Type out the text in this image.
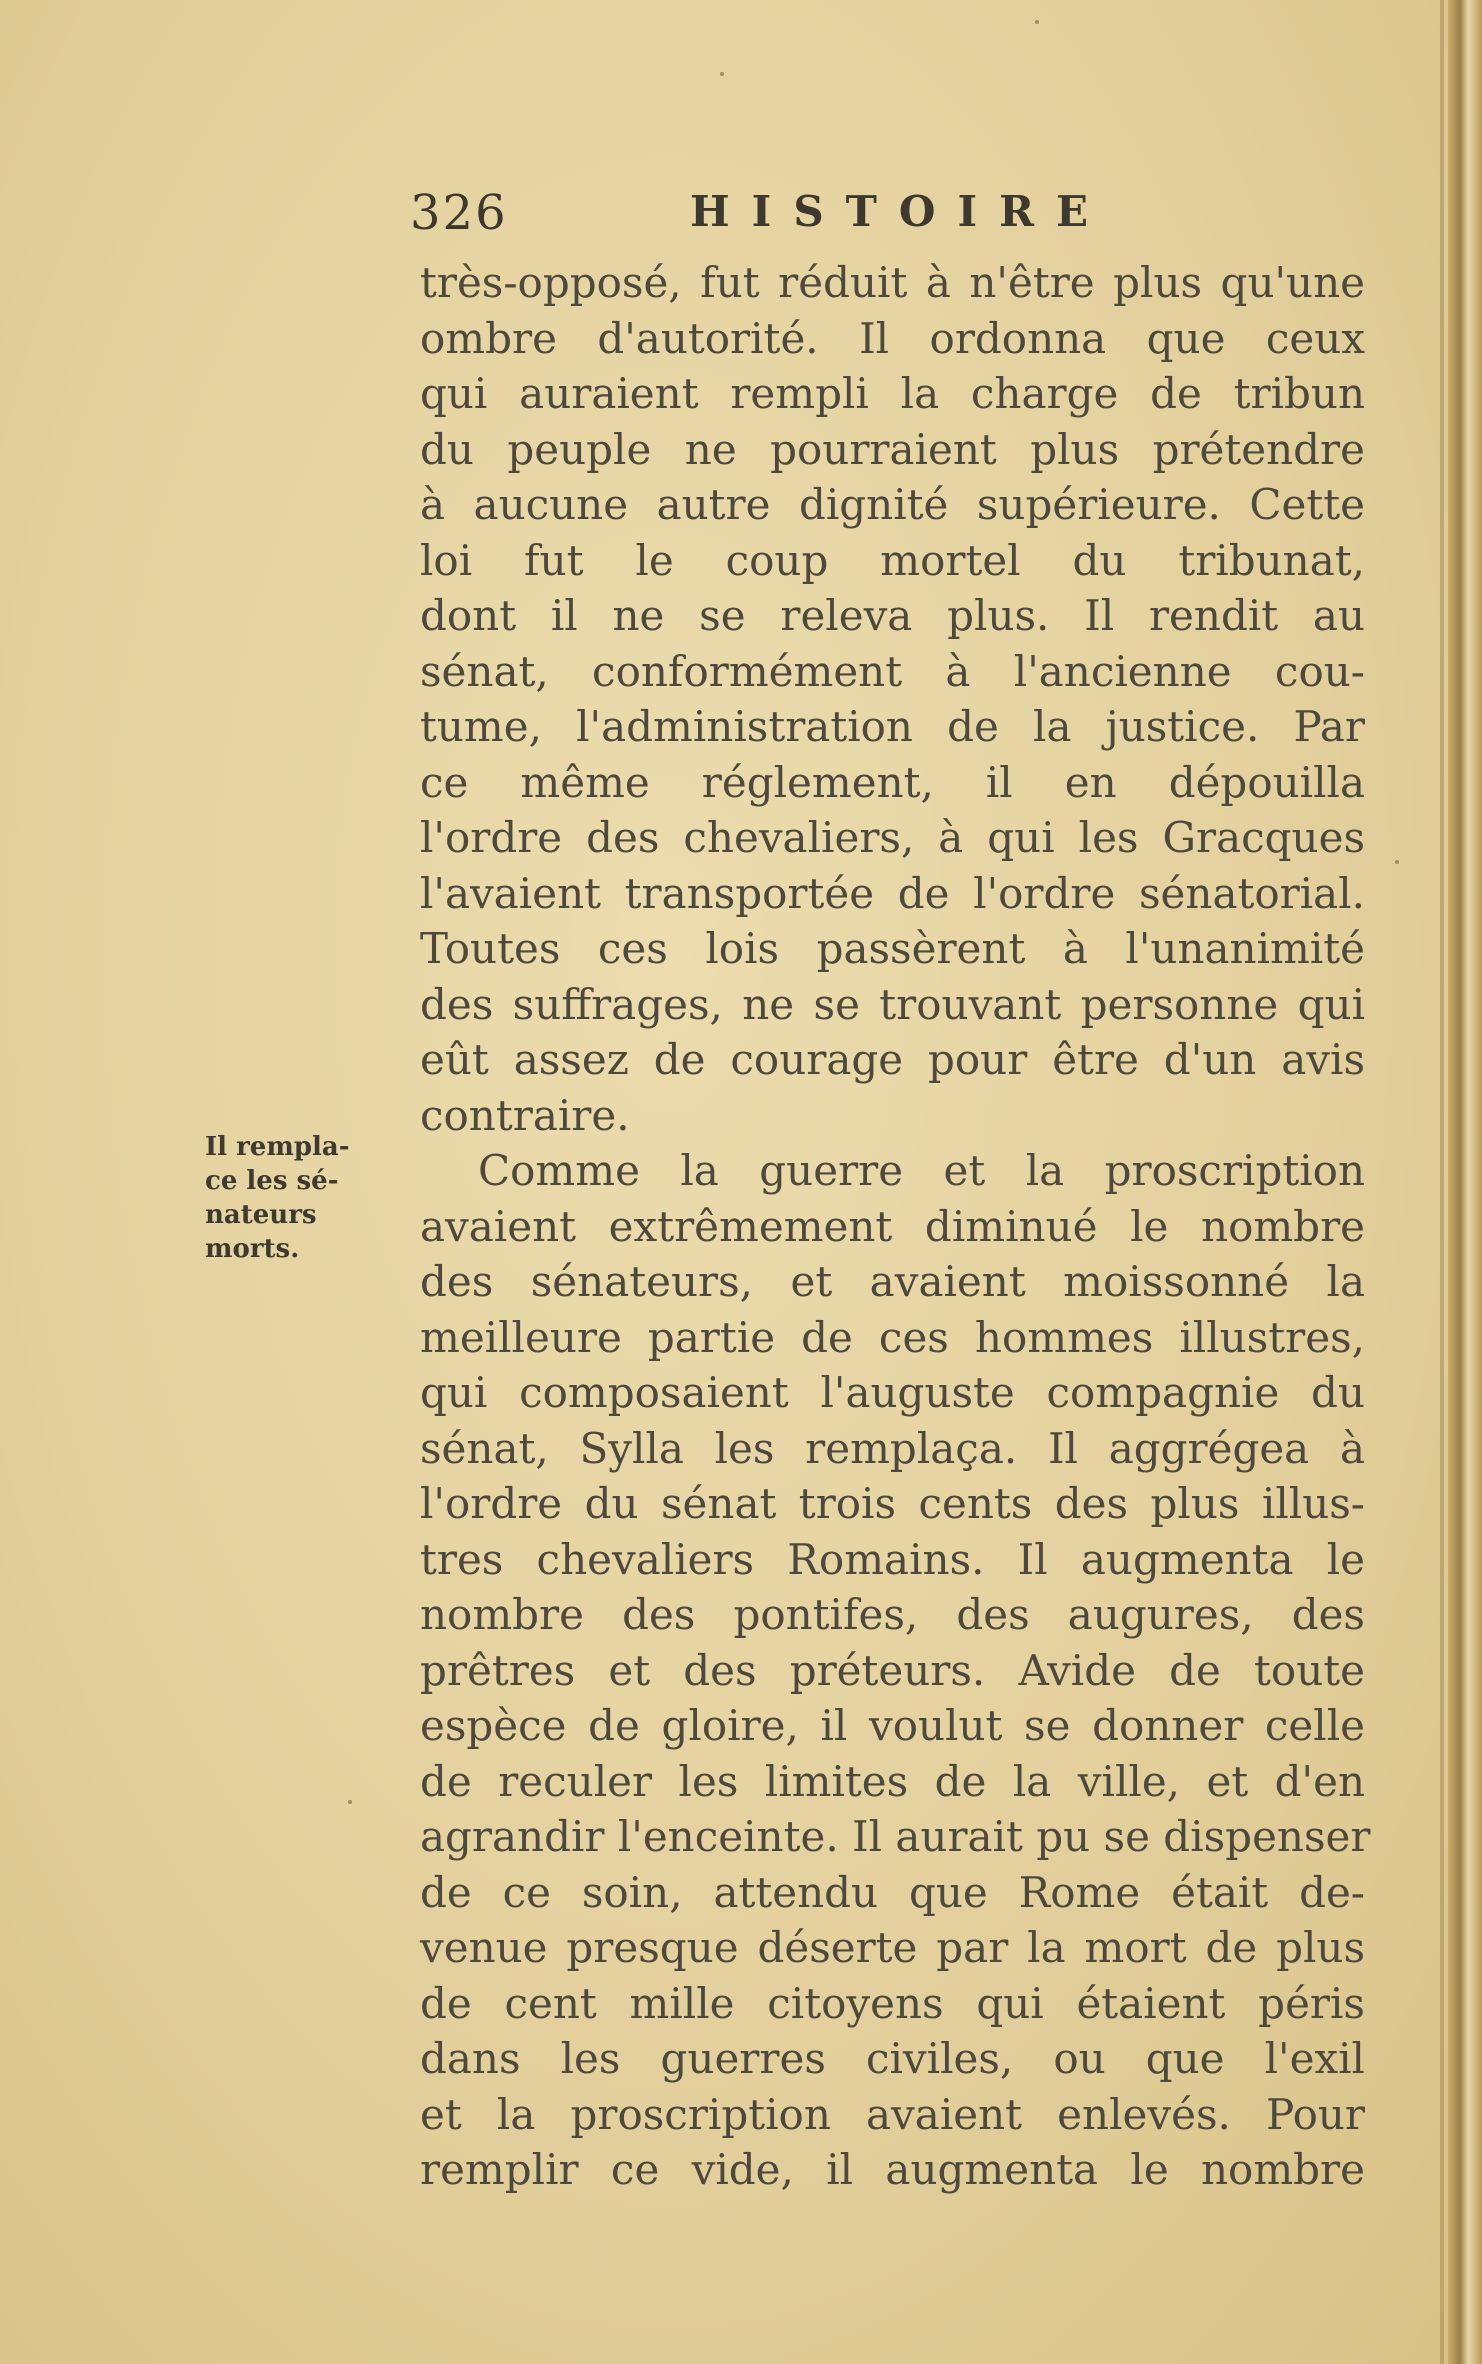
326	HISTOIRE
très-opposé, fut réduit à n'être plus qu'une
ombre d'autorité. Il ordonna que ceux
qui auraient rempli la charge de tribun
du peuple ne pourraient plus prétendre
à aucune autre dignité supérieure. Cette
loi fut le coup mortel du tribunat,
dont il ne se releva plus. Il rendit au
sénat, conformément à l'ancienne cou-
tume, l'administration de la justice. Par
ce même réglement, il en dépouilla
l'ordre des chevaliers, à qui les Gracques
l'avaient transportée de l'ordre sénatorial.
Toutes ces lois passèrent à l'unanimité
des suffrages, ne se trouvant personne qui
eût assez de courage pour être d'un avis
contraire.
Comme la guerre et la proscription
avaient extrêmement diminué le nombre
des sénateurs, et avaient moissonné la
meilleure partie de ces hommes illustres,
qui composaient l'auguste compagnie du
sénat, Sylla les remplaça. Il aggrégea à
l'ordre du sénat trois cents des plus illus-
tres chevaliers Romains. Il augmenta le
nombre des pontifes, des augures, des
prêtres et des préteurs. Avide de toute
espèce de gloire, il voulut se donner celle
de reculer les limites de la ville, et d'en
agrandir l'enceinte. Il aurait pu se dispenser
de ce soin, attendu que Rome était de-
venue presque déserte par la mort de plus
de cent mille citoyens qui étaient péris
dans les guerres civiles, ou que l'exil
et la proscription avaient enlevés. Pour
remplir ce vide, il augmenta le nombre
Il rempla-
ce les sé-
nateurs
morts.
